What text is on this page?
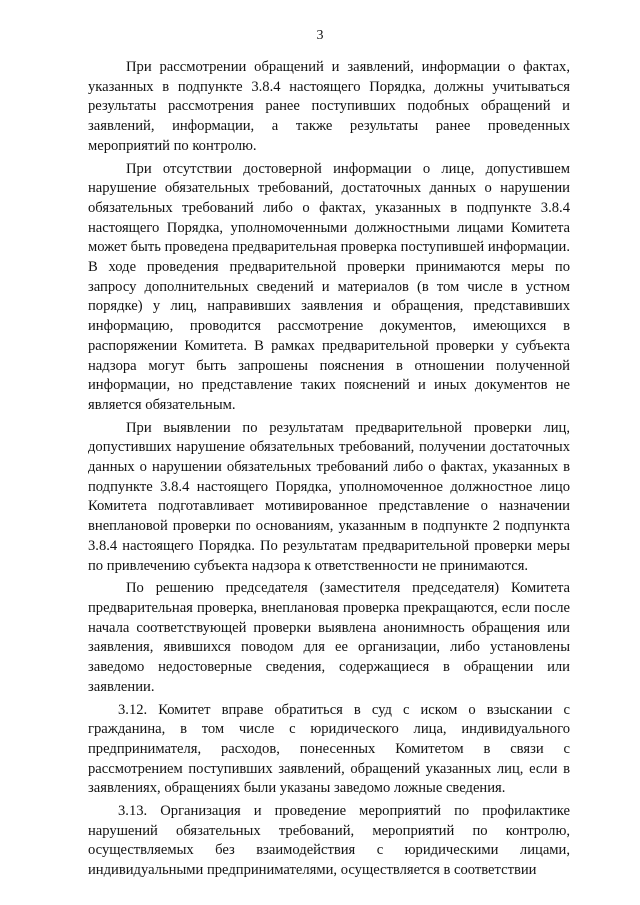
3

При рассмотрении обращений и заявлений, информации о фактах, указанных в подпункте 3.8.4 настоящего Порядка, должны учитываться результаты рассмотрения ранее поступивших подобных обращений и заявлений, информации, а также результаты ранее проведенных мероприятий по контролю.

При отсутствии достоверной информации о лице, допустившем нарушение обязательных требований, достаточных данных о нарушении обязательных требований либо о фактах, указанных в подпункте 3.8.4 настоящего Порядка, уполномоченными должностными лицами Комитета может быть проведена предварительная проверка поступившей информации. В ходе проведения предварительной проверки принимаются меры по запросу дополнительных сведений и материалов (в том числе в устном порядке) у лиц, направивших заявления и обращения, представивших информацию, проводится рассмотрение документов, имеющихся в распоряжении Комитета. В рамках предварительной проверки у субъекта надзора могут быть запрошены пояснения в отношении полученной информации, но представление таких пояснений и иных документов не является обязательным.

При выявлении по результатам предварительной проверки лиц, допустивших нарушение обязательных требований, получении достаточных данных о нарушении обязательных требований либо о фактах, указанных в подпункте 3.8.4 настоящего Порядка, уполномоченное должностное лицо Комитета подготавливает мотивированное представление о назначении внеплановой проверки по основаниям, указанным в подпункте 2 подпункта 3.8.4 настоящего Порядка. По результатам предварительной проверки меры по привлечению субъекта надзора к ответственности не принимаются.

По решению председателя (заместителя председателя) Комитета предварительная проверка, внеплановая проверка прекращаются, если после начала соответствующей проверки выявлена анонимность обращения или заявления, явившихся поводом для ее организации, либо установлены заведомо недостоверные сведения, содержащиеся в обращении или заявлении.

3.12. Комитет вправе обратиться в суд с иском о взыскании с гражданина, в том числе с юридического лица, индивидуального предпринимателя, расходов, понесенных Комитетом в связи с рассмотрением поступивших заявлений, обращений указанных лиц, если в заявлениях, обращениях были указаны заведомо ложные сведения.

3.13. Организация и проведение мероприятий по профилактике нарушений обязательных требований, мероприятий по контролю, осуществляемых без взаимодействия с юридическими лицами, индивидуальными предпринимателями, осуществляется в соответствии
